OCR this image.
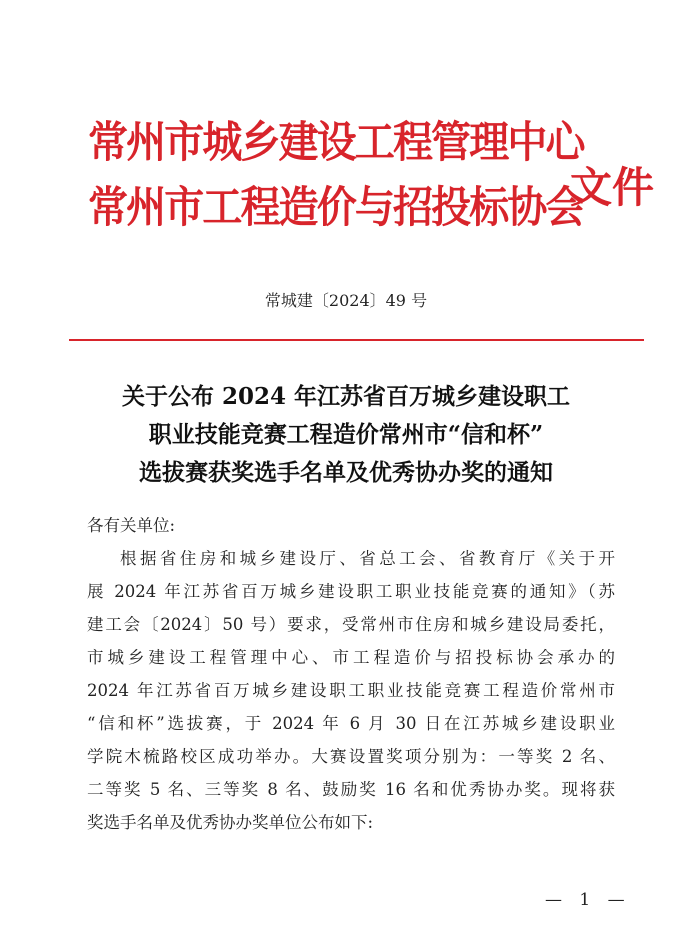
常州市城乡建设工程管理中心
常州市工程造价与招投标协会
文件
常城建〔2024〕49 号
关于公布 2024 年江苏省百万城乡建设职工
职业技能竞赛工程造价常州市“信和杯”
选拔赛获奖选手名单及优秀协办奖的通知
各有关单位:
根据省住房和城乡建设厅、省总工会、省教育厅《关于开
展 2024 年江苏省百万城乡建设职工职业技能竞赛的通知》（苏
建工会〔2024〕50 号）要求，受常州市住房和城乡建设局委托，
市城乡建设工程管理中心、市工程造价与招投标协会承办的
2024 年江苏省百万城乡建设职工职业技能竞赛工程造价常州市
“信和杯”选拔赛，于 2024 年 6 月 30 日在江苏城乡建设职业
学院木梳路校区成功举办。大赛设置奖项分别为：一等奖 2 名、
二等奖 5 名、三等奖 8 名、鼓励奖 16 名和优秀协办奖。现将获
奖选手名单及优秀协办奖单位公布如下:
— 1 —
